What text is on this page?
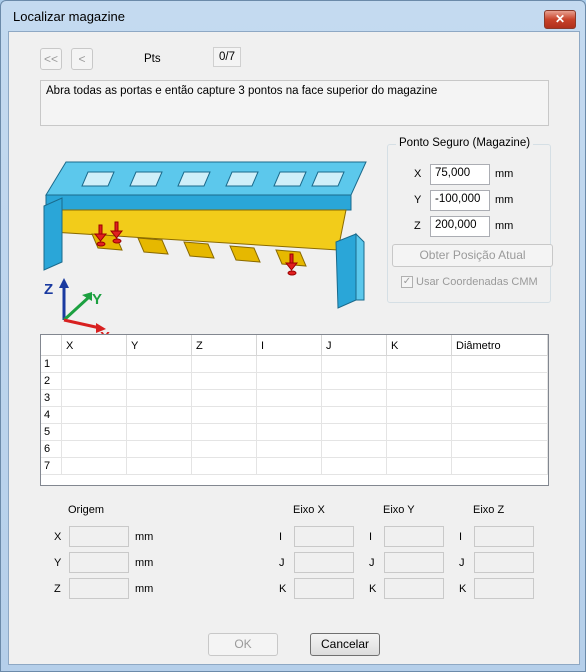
Localizar magazine	✕
<<	<	Pts	0/7
Abra todas as portas e então capture 3 pontos na face superior do magazine
Z
Y
Ponto Seguro (Magazine)
X	75,000	mm
Y	-100,000	mm
Z	200,000	mm
Obter Posição Atual
✓ Usar Coordenadas CMM
X	Y	Z	I	J	K	Diâmetro
1
2
3
4
5
6
7
Origem
X	mm
Y	mm
Z	mm
Eixo X
I
J
K
Eixo Y
I
J
K
Eixo Z
I
J
K
OK	Cancelar
